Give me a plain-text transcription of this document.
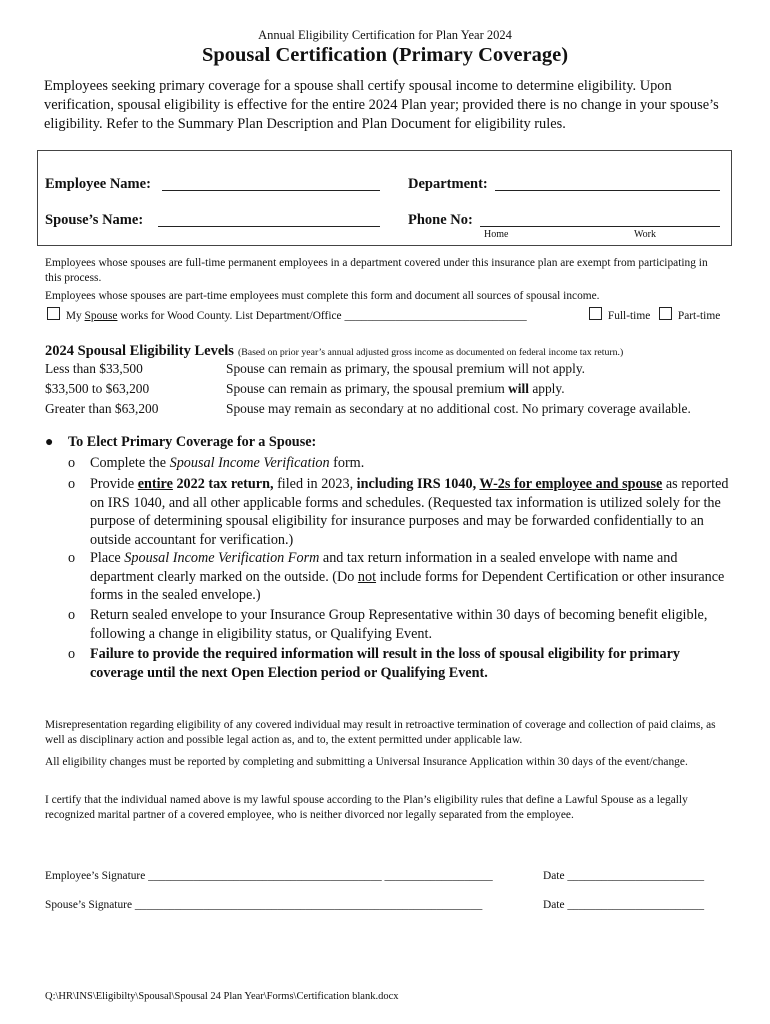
Annual Eligibility Certification for Plan Year 2024
Spousal Certification (Primary Coverage)
Employees seeking primary coverage for a spouse shall certify spousal income to determine eligibility. Upon verification, spousal eligibility is effective for the entire 2024 Plan year; provided there is no change in your spouse’s eligibility. Refer to the Summary Plan Description and Plan Document for eligibility rules.
Employee Name:	Department:
Spouse’s Name:	Phone No:
Home	Work
Employees whose spouses are full-time permanent employees in a department covered under this insurance plan are exempt from participating in this process.
Employees whose spouses are part-time employees must complete this form and document all sources of spousal income.
My Spouse works for Wood County. List Department/Office ________________________________	Full-time	Part-time
2024 Spousal Eligibility Levels (Based on prior year’s annual adjusted gross income as documented on federal income tax return.)
Less than $33,500	Spouse can remain as primary, the spousal premium will not apply.
$33,500 to $63,200	Spouse can remain as primary, the spousal premium will apply.
Greater than $63,200	Spouse may remain as secondary at no additional cost. No primary coverage available.
● To Elect Primary Coverage for a Spouse:
o Complete the Spousal Income Verification form.
o Provide entire 2022 tax return, filed in 2023, including IRS 1040, W-2s for employee and spouse as reported on IRS 1040, and all other applicable forms and schedules. (Requested tax information is utilized solely for the purpose of determining spousal eligibility for insurance purposes and may be forwarded confidentially to an outside accountant for verification.)
o Place Spousal Income Verification Form and tax return information in a sealed envelope with name and department clearly marked on the outside. (Do not include forms for Dependent Certification or other insurance forms in the sealed envelope.)
o Return sealed envelope to your Insurance Group Representative within 30 days of becoming benefit eligible, following a change in eligibility status, or Qualifying Event.
o Failure to provide the required information will result in the loss of spousal eligibility for primary coverage until the next Open Election period or Qualifying Event.
Misrepresentation regarding eligibility of any covered individual may result in retroactive termination of coverage and collection of paid claims, as well as disciplinary action and possible legal action as, and to, the extent permitted under applicable law.
All eligibility changes must be reported by completing and submitting a Universal Insurance Application within 30 days of the event/change.
I certify that the individual named above is my lawful spouse according to the Plan’s eligibility rules that define a Lawful Spouse as a legally recognized marital partner of a covered employee, who is neither divorced nor legally separated from the employee.
Employee’s Signature _________________________________________ ___________________	Date ________________________
Spouse’s Signature _____________________________________________________________	Date ________________________
Q:\HR\INS\Eligibilty\Spousal\Spousal 24 Plan Year\Forms\Certification blank.docx
